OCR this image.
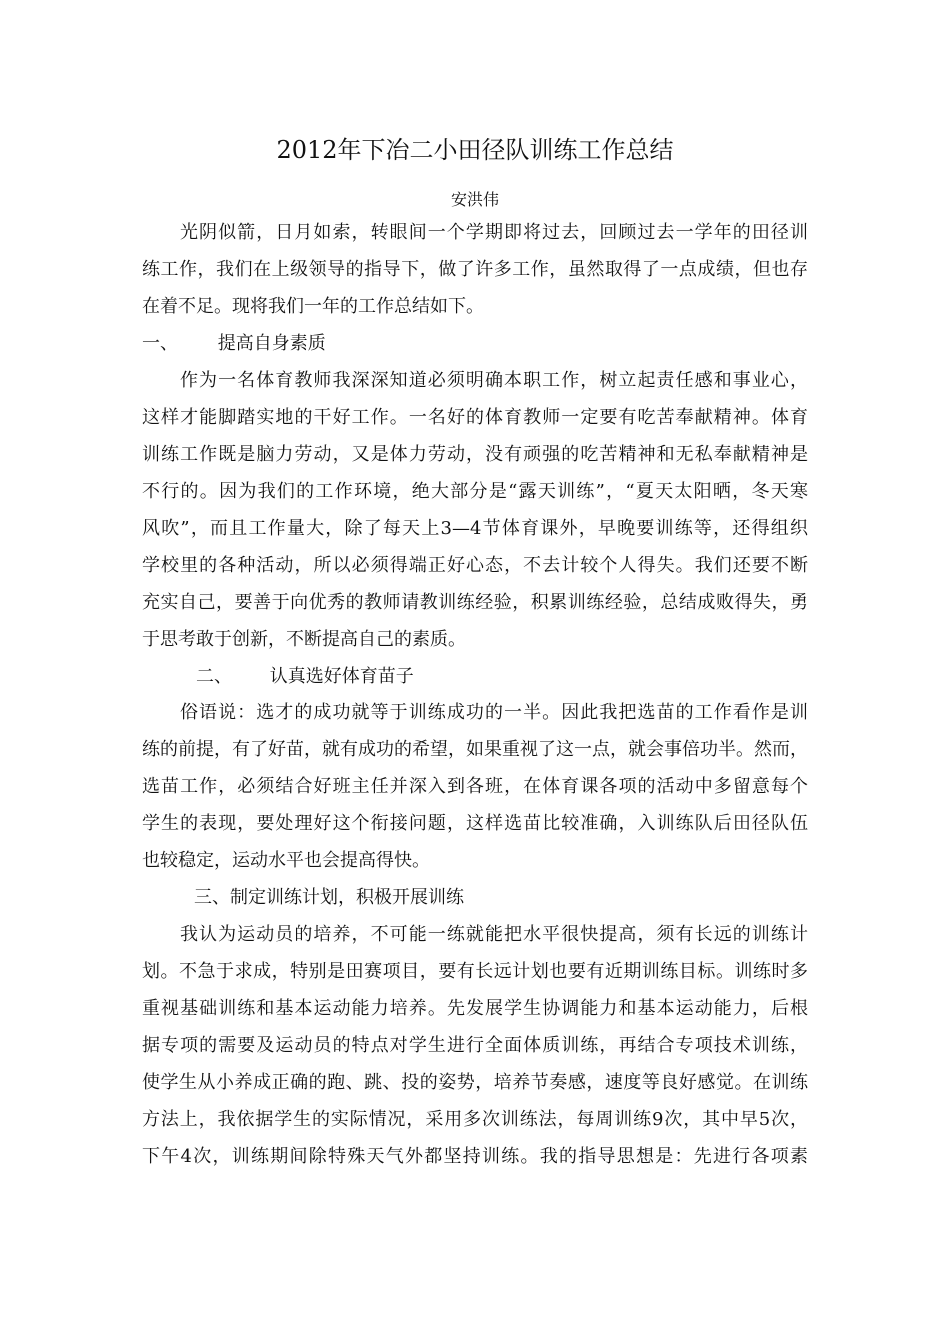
2012年下冶二小田径队训练工作总结
安洪伟
光阴似箭，日月如索，转眼间一个学期即将过去，回顾过去一学年的田径训
练工作，我们在上级领导的指导下，做了许多工作，虽然取得了一点成绩，但也存
在着不足。现将我们一年的工作总结如下。
一、 提高自身素质
作为一名体育教师我深深知道必须明确本职工作，树立起责任感和事业心，
这样才能脚踏实地的干好工作。一名好的体育教师一定要有吃苦奉献精神。体育
训练工作既是脑力劳动，又是体力劳动，没有顽强的吃苦精神和无私奉献精神是
不行的。因为我们的工作环境，绝大部分是“露天训练”，“夏天太阳晒，冬天寒
风吹”，而且工作量大，除了每天上3—4节体育课外，早晚要训练等，还得组织
学校里的各种活动，所以必须得端正好心态，不去计较个人得失。我们还要不断
充实自己，要善于向优秀的教师请教训练经验，积累训练经验，总结成败得失，勇
于思考敢于创新，不断提高自己的素质。
二、 认真选好体育苗子
俗语说：选才的成功就等于训练成功的一半。因此我把选苗的工作看作是训
练的前提，有了好苗，就有成功的希望，如果重视了这一点，就会事倍功半。然而，
选苗工作，必须结合好班主任并深入到各班，在体育课各项的活动中多留意每个
学生的表现，要处理好这个衔接问题，这样选苗比较准确，入训练队后田径队伍
也较稳定，运动水平也会提高得快。
三、制定训练计划，积极开展训练
我认为运动员的培养，不可能一练就能把水平很快提高，须有长远的训练计
划。不急于求成，特别是田赛项目，要有长远计划也要有近期训练目标。训练时多
重视基础训练和基本运动能力培养。先发展学生协调能力和基本运动能力，后根
据专项的需要及运动员的特点对学生进行全面体质训练，再结合专项技术训练，
使学生从小养成正确的跑、跳、投的姿势，培养节奏感，速度等良好感觉。在训练
方法上，我依据学生的实际情况，采用多次训练法，每周训练9次，其中早5次，
下午4次，训练期间除特殊天气外都坚持训练。我的指导思想是：先进行各项素
